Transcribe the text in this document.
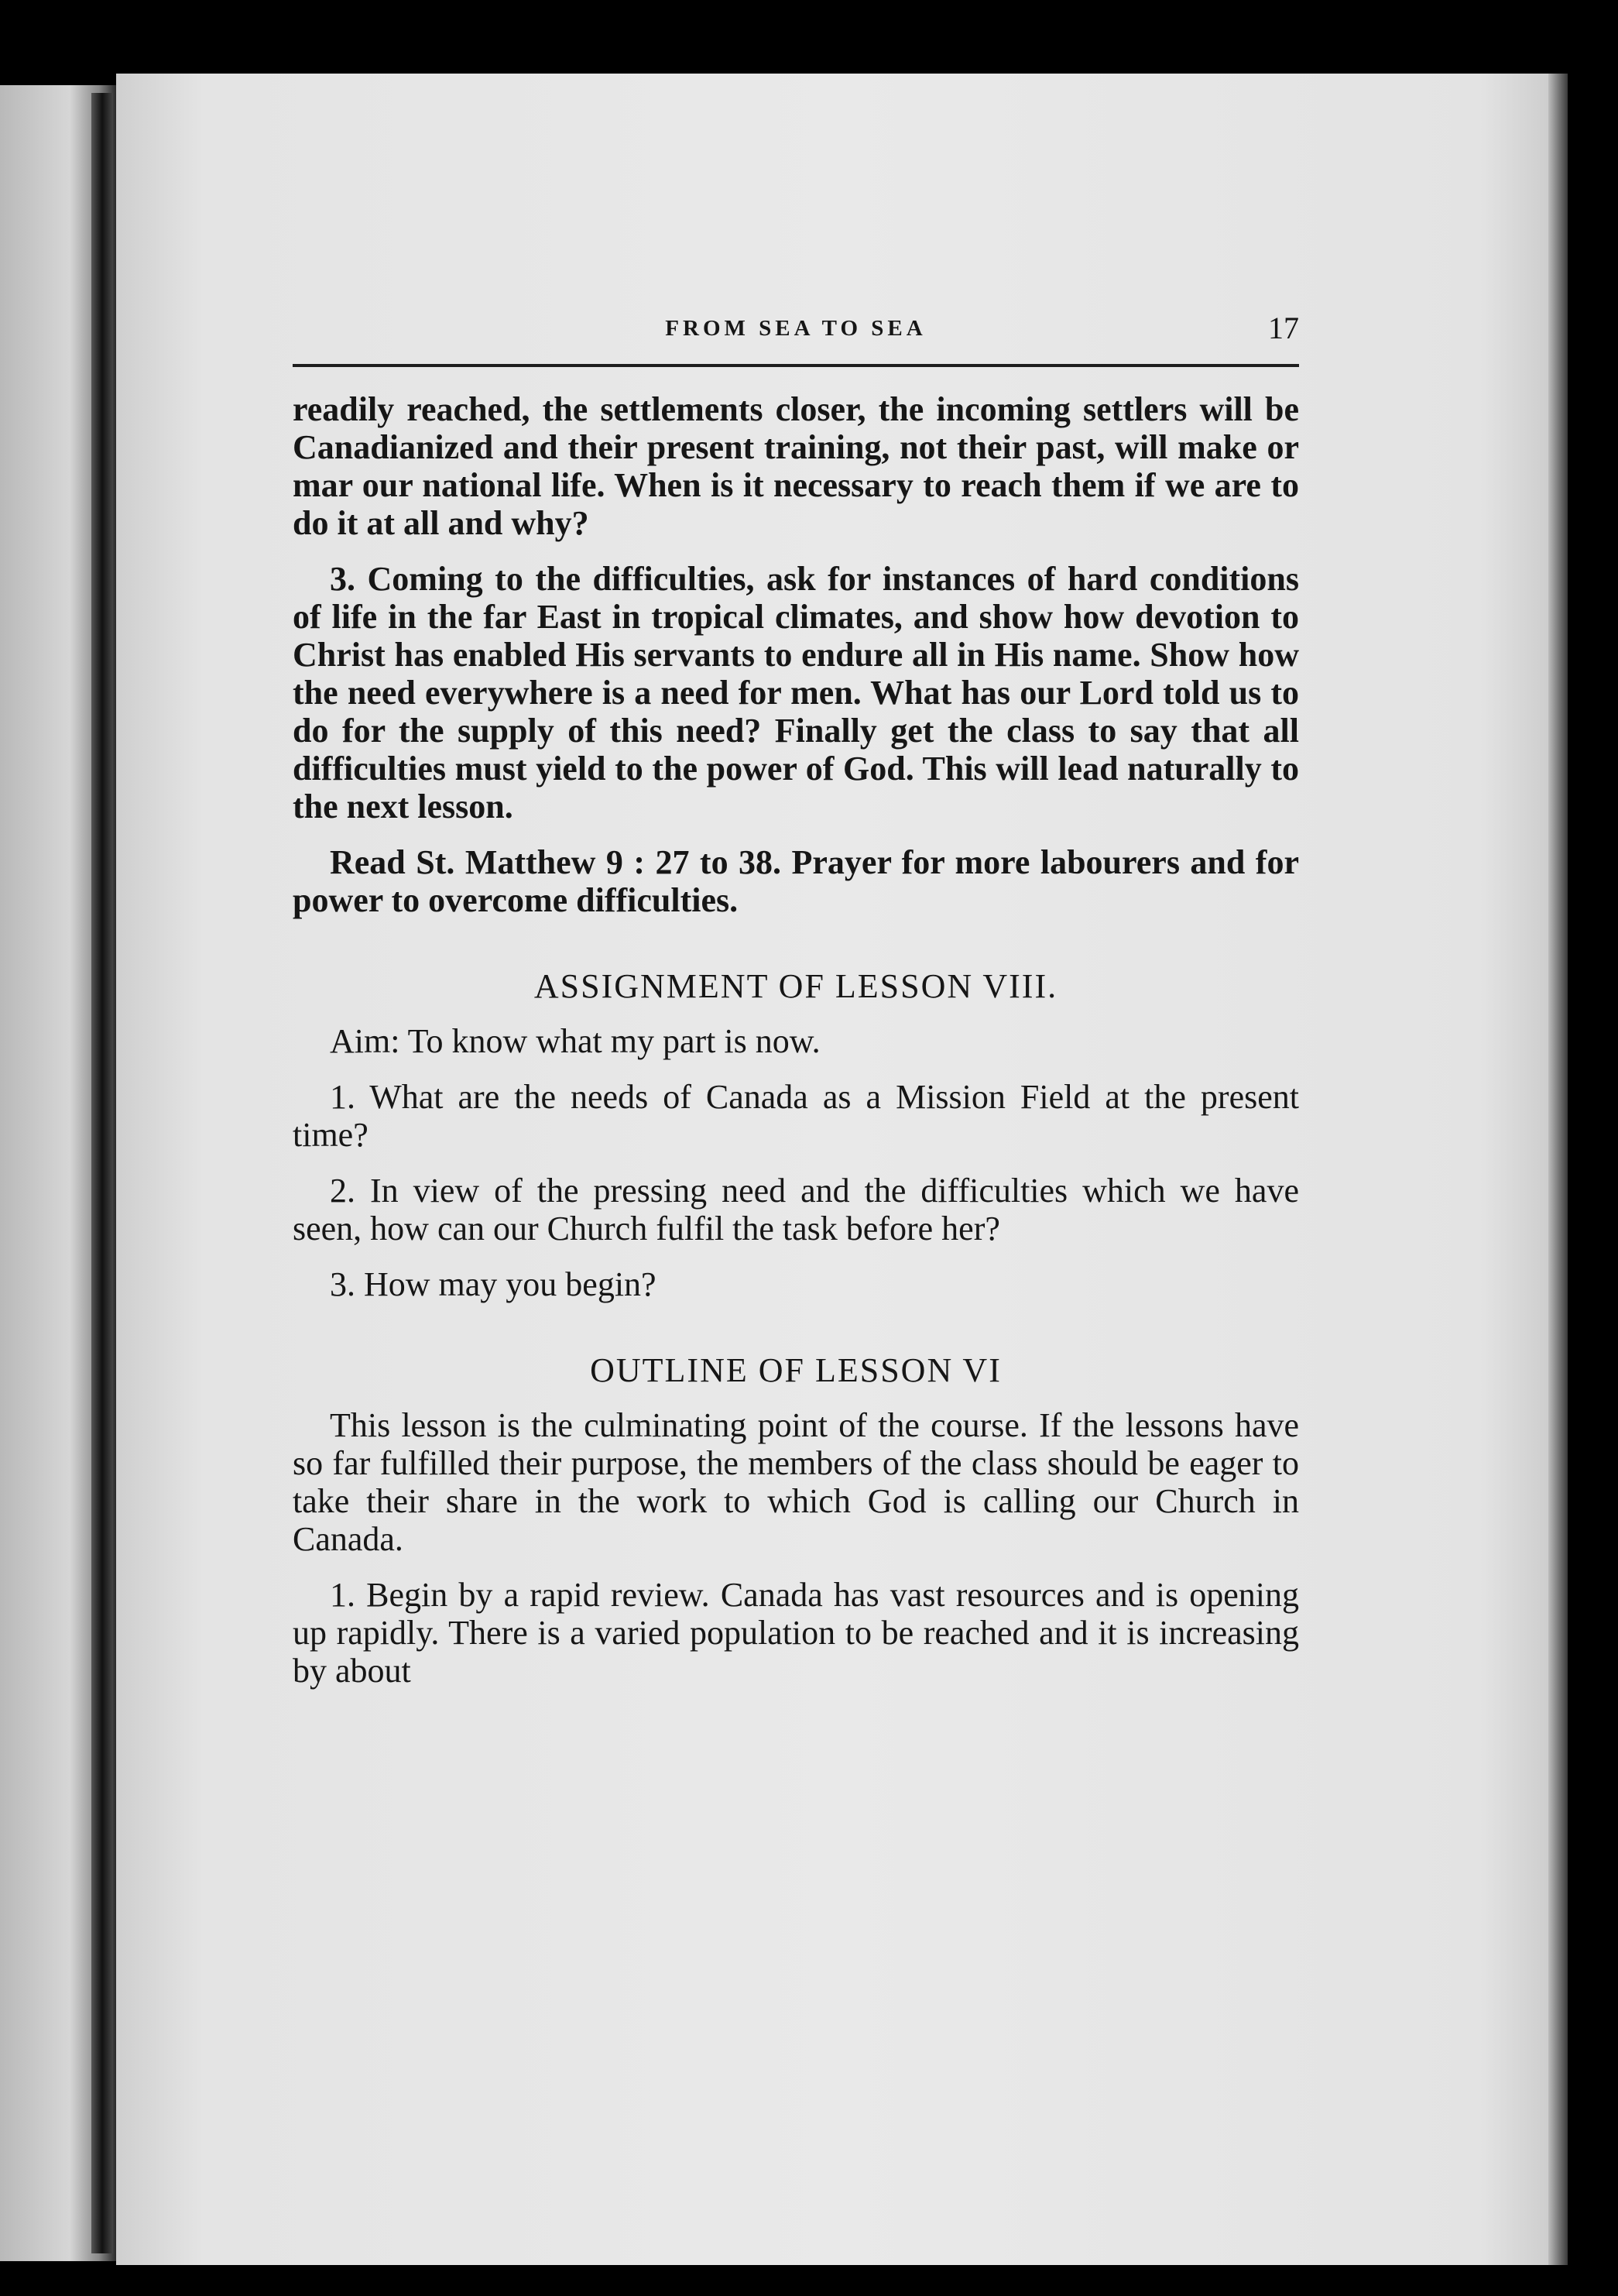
FROM SEA TO SEA	17

readily reached, the settlements closer, the incoming settlers will be Canadianized and their present training, not their past, will make or mar our national life. When is it necessary to reach them if we are to do it at all and why?

3. Coming to the difficulties, ask for instances of hard conditions of life in the far East in tropical climates, and show how devotion to Christ has enabled His servants to endure all in His name. Show how the need everywhere is a need for men. What has our Lord told us to do for the supply of this need? Finally get the class to say that all difficulties must yield to the power of God. This will lead naturally to the next lesson.

Read St. Matthew 9 : 27 to 38. Prayer for more labourers and for power to overcome difficulties.

ASSIGNMENT OF LESSON VIII.

Aim: To know what my part is now.

1. What are the needs of Canada as a Mission Field at the present time?

2. In view of the pressing need and the difficulties which we have seen, how can our Church fulfil the task before her?

3. How may you begin?

OUTLINE OF LESSON VI

This lesson is the culminating point of the course. If the lessons have so far fulfilled their purpose, the members of the class should be eager to take their share in the work to which God is calling our Church in Canada.

1. Begin by a rapid review. Canada has vast resources and is opening up rapidly. There is a varied population to be reached and it is increasing by about
